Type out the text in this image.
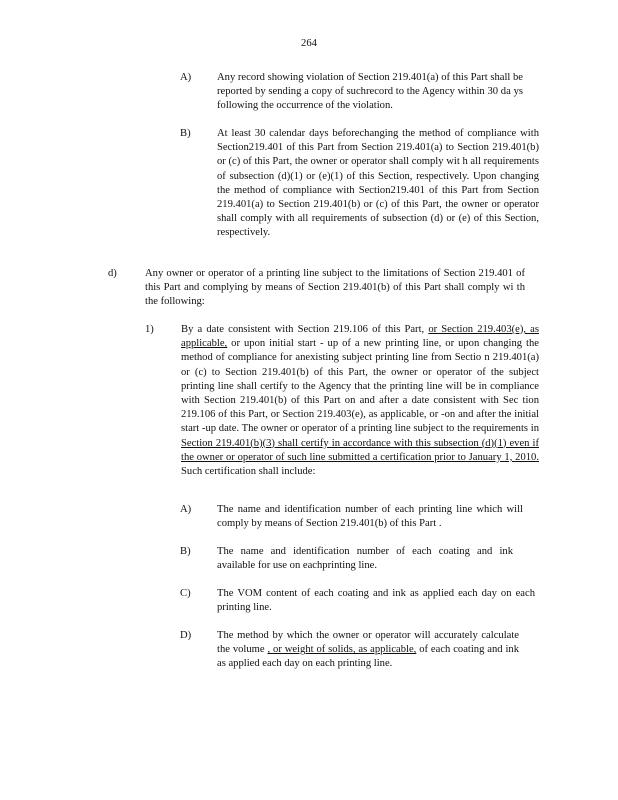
264
A) Any record showing violation of Section 219.401(a) of this Part shall be reported by sending a copy of suchrecord to the Agency within 30 da ys following the occurrence of the violation.
B) At least 30 calendar days beforechanging the method of compliance with Section219.401 of this Part from Section 219.401(a) to Section 219.401(b) or (c) of this Part, the owner or operator shall comply wit h all requirements of subsection (d)(1) or (e)(1) of this Section, respectively. Upon changing the method of compliance with Section219.401 of this Part from Section 219.401(a) to Section 219.401(b) or (c) of this Part, the owner or operator shall comply with all requirements of subsection (d) or (e) of this Section, respectively.
d)	Any owner or operator of a printing line subject to the limitations of Section 219.401 of this Part and complying by means of Section 219.401(b) of this Part shall comply wi th the following:
1)	By a date consistent with Section 219.106 of this Part, or Section 219.403(e), as applicable, or upon initial start - up of a new printing line, or upon changing the method of compliance for anexisting subject printing line from Sectio n 219.401(a) or (c) to Section 219.401(b) of this Part, the owner or operator of the subject printing line shall certify to the Agency that the printing line will be in compliance with Section 219.401(b) of this Part on and after a date consistent with Sec tion 219.106 of this Part, or Section 219.403(e), as applicable, or -on and after the initial start -up date. The owner or operator of a printing line subject to the requirements in Section 219.401(b)(3) shall certify in accordance with this subsection (d)(1) even if the owner or operator of such line submitted a certification prior to January 1, 2010. Such certification shall include:
A) The name and identification number of each printing line which will comply by means of Section 219.401(b) of this Part .
B) The name and identification number of each coating and ink available for use on eachprinting line.
C) The VOM content of each coating and ink as applied each day on each printing line.
D) The method by which the owner or operator will accurately calculate the volume , or weight of solids, as applicable, of each coating and ink as applied each day on each printing line.
